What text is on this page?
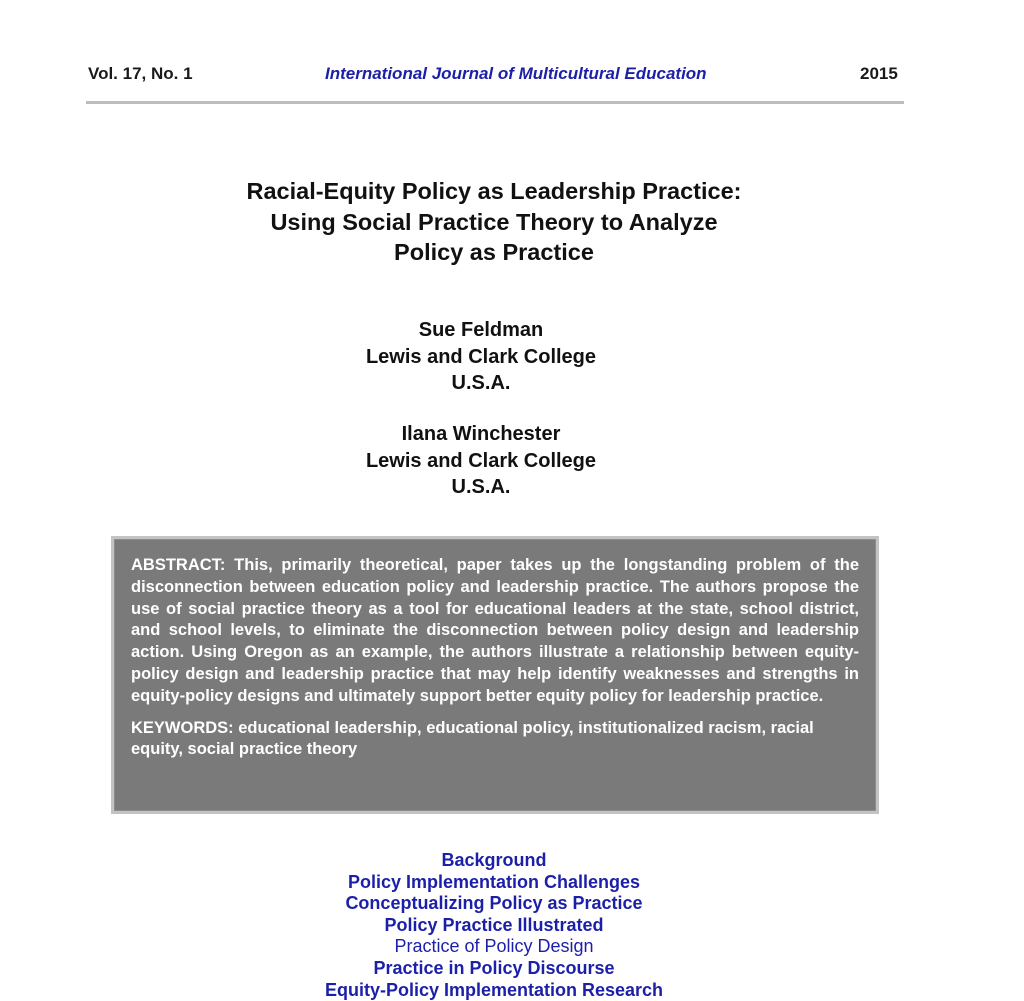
Vol. 17, No. 1	International Journal of Multicultural Education	2015
Racial-Equity Policy as Leadership Practice:
Using Social Practice Theory to Analyze
Policy as Practice
Sue Feldman
Lewis and Clark College
U.S.A.
Ilana Winchester
Lewis and Clark College
U.S.A.

ABSTRACT: This, primarily theoretical, paper takes up the longstanding problem of the disconnection between education policy and leadership practice. The authors propose the use of social practice theory as a tool for educational leaders at the state, school district, and school levels, to eliminate the disconnection between policy design and leadership action. Using Oregon as an example, the authors illustrate a relationship between equity-policy design and leadership practice that may help identify weaknesses and strengths in equity-policy designs and ultimately support better equity policy for leadership practice.

KEYWORDS: educational leadership, educational policy, institutionalized racism, racial equity, social practice theory

Background
Policy Implementation Challenges
Conceptualizing Policy as Practice
Policy Practice Illustrated
Practice of Policy Design
Practice in Policy Discourse
Equity-Policy Implementation Research
